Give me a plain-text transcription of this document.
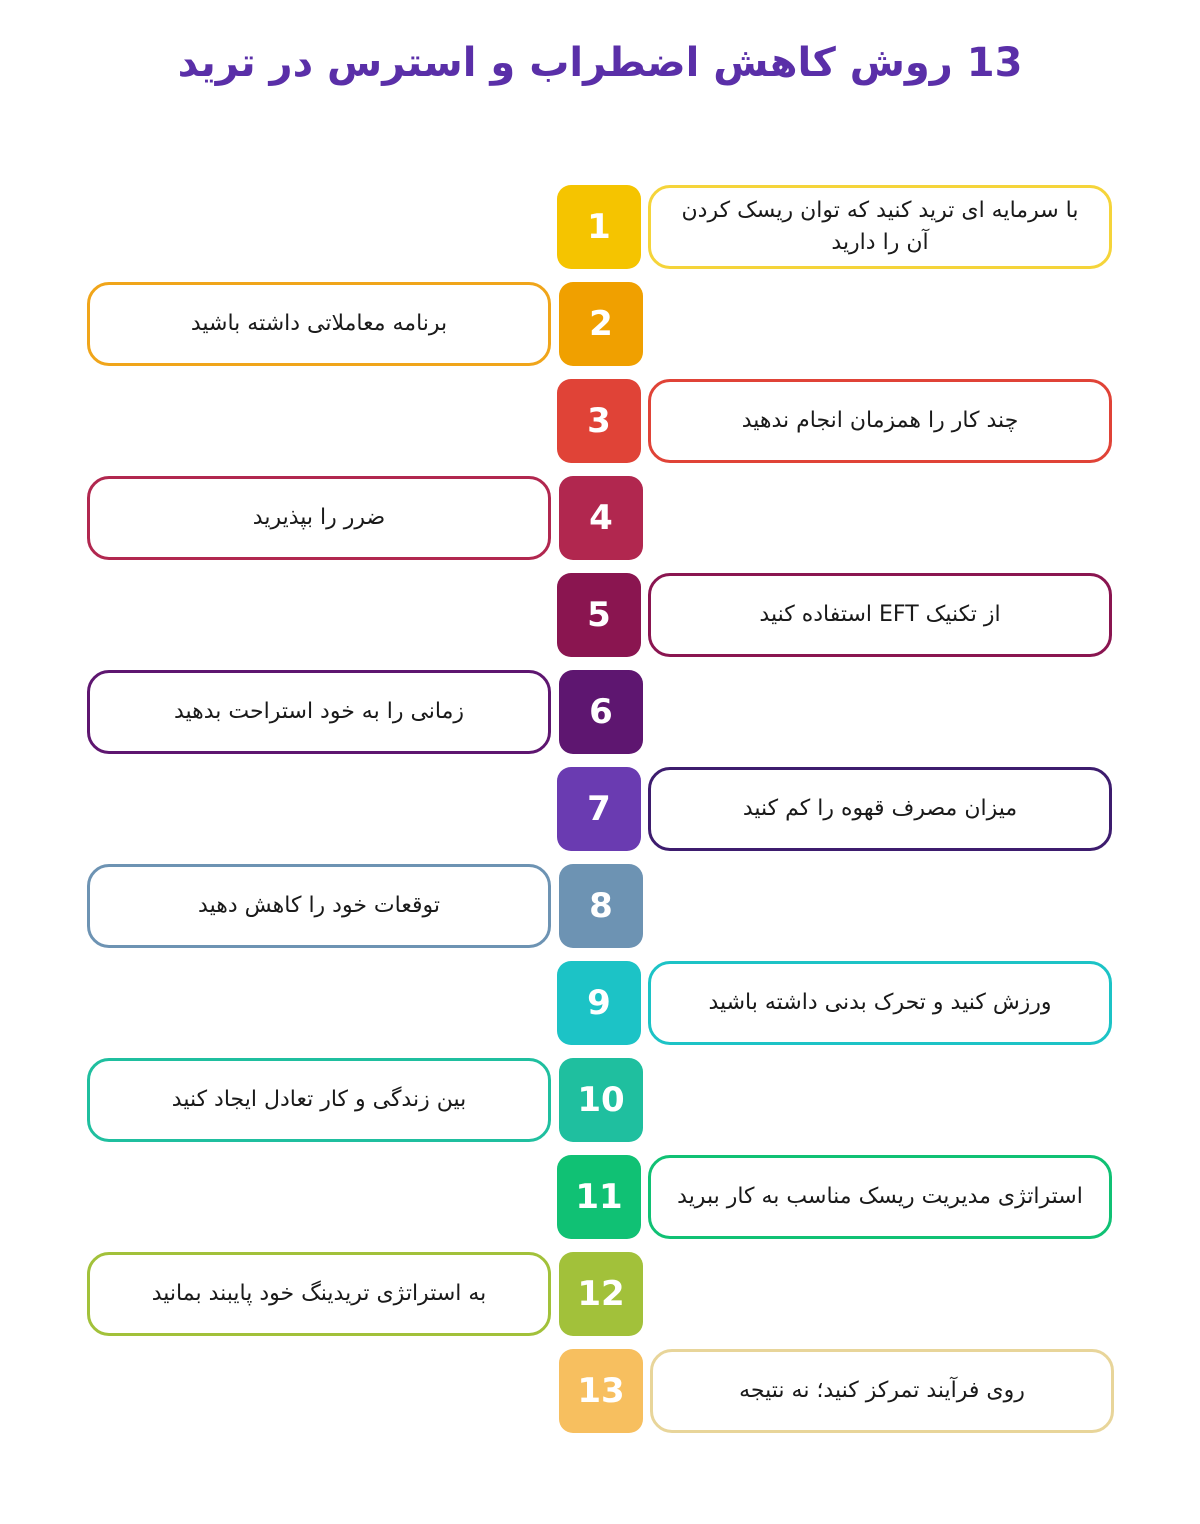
13 روش کاهش اضطراب و استرس در ترید
1	با سرمایه ای ترید کنید که توان ریسک کردن آن را دارید
برنامه معاملاتی داشته باشید	2
3	چند کار را همزمان انجام ندهید
ضرر را بپذیرید	4
5	از تکنیک EFT استفاده کنید
زمانی را به خود استراحت بدهید	6
7	میزان مصرف قهوه را کم کنید
توقعات خود را کاهش دهید	8
9	ورزش کنید و تحرک بدنی داشته باشید
بین زندگی و کار تعادل ایجاد کنید	10
11	استراتژی مدیریت ریسک مناسب به کار ببرید
به استراتژی تریدینگ خود پایبند بمانید	12
13	روی فرآیند تمرکز کنید؛ نه نتیجه
